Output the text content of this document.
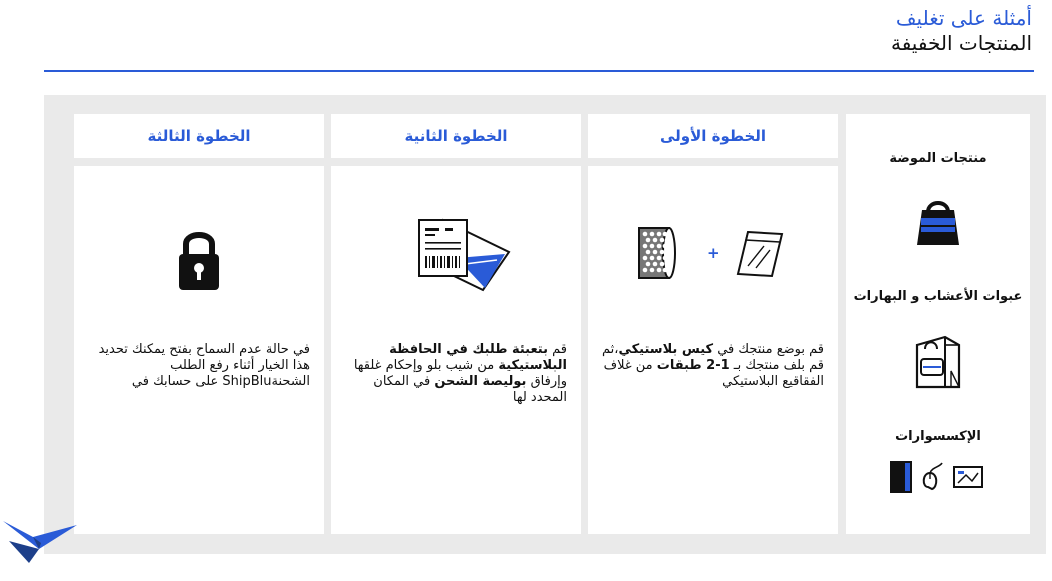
أمثلة على تغليف
المنتجات الخفيفة
منتجات الموضة
عبوات الأعشاب و البهارات
الإكسسوارات
الخطوة الأولى
+
قم بوضع منتجك في كيس بلاستيكي،ثم قم بلف منتجك بـ 1-2 طبقات من غلاف الفقاقيع البلاستيكي
الخطوة الثانية
قم بتعبئة طلبك في الحافظة البلاستيكية من شيب بلو وإحكام غلقها وإرفاق بوليصة الشحن في المكان المحدد لها
الخطوة الثالثة
في حالة عدم السماح بفتح يمكنك تحديد هذا الخيار أثناء رفع الطلب الشحنةShipBlu على حسابك في
